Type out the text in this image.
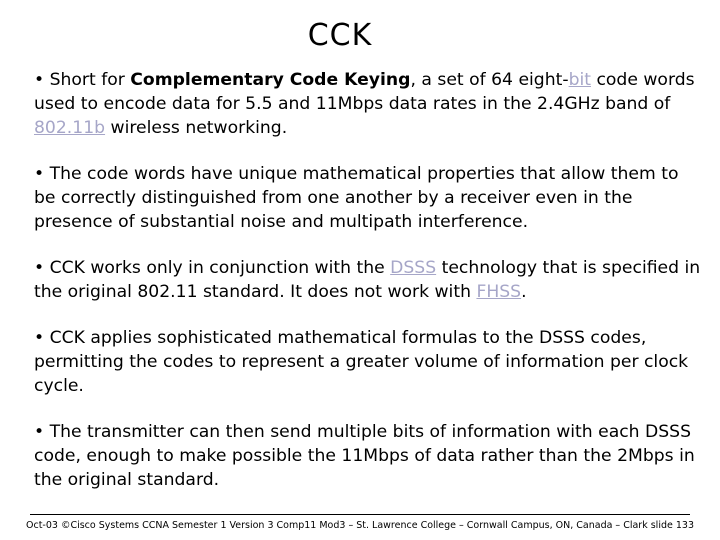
CCK

• Short for Complementary Code Keying, a set of 64 eight-bit code words used to encode data for 5.5 and 11Mbps data rates in the 2.4GHz band of 802.11b wireless networking.

• The code words have unique mathematical properties that allow them to be correctly distinguished from one another by a receiver even in the presence of substantial noise and multipath interference.

• CCK works only in conjunction with the DSSS technology that is specified in the original 802.11 standard. It does not work with FHSS.

• CCK applies sophisticated mathematical formulas to the DSSS codes, permitting the codes to represent a greater volume of information per clock cycle.

• The transmitter can then send multiple bits of information with each DSSS code, enough to make possible the 11Mbps of data rather than the 2Mbps in the original standard.

Oct-03 ©Cisco Systems CCNA Semester 1 Version 3 Comp11 Mod3 – St. Lawrence College – Cornwall Campus, ON, Canada – Clark slide 133
